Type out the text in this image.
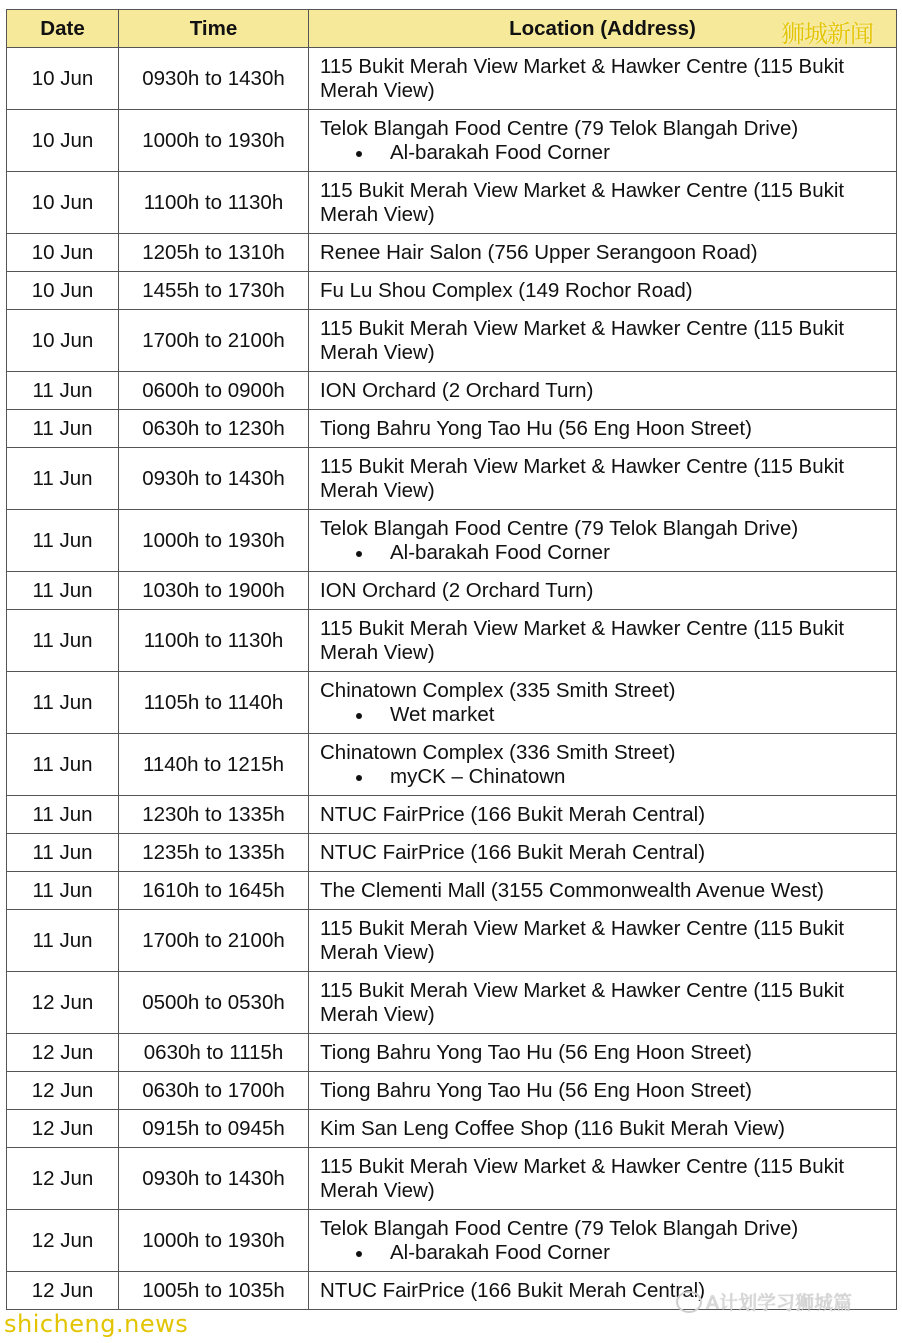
Date	Time	Location (Address)
10 Jun	0930h to 1430h	115 Bukit Merah View Market & Hawker Centre (115 Bukit Merah View)
10 Jun	1000h to 1930h	Telok Blangah Food Centre (79 Telok Blangah Drive)
Al-barakah Food Corner

10 Jun	1100h to 1130h	115 Bukit Merah View Market & Hawker Centre (115 Bukit Merah View)
10 Jun	1205h to 1310h	Renee Hair Salon (756 Upper Serangoon Road)
10 Jun	1455h to 1730h	Fu Lu Shou Complex (149 Rochor Road)
10 Jun	1700h to 2100h	115 Bukit Merah View Market & Hawker Centre (115 Bukit Merah View)
11 Jun	0600h to 0900h	ION Orchard (2 Orchard Turn)
11 Jun	0630h to 1230h	Tiong Bahru Yong Tao Hu (56 Eng Hoon Street)
11 Jun	0930h to 1430h	115 Bukit Merah View Market & Hawker Centre (115 Bukit Merah View)
11 Jun	1000h to 1930h	Telok Blangah Food Centre (79 Telok Blangah Drive)
Al-barakah Food Corner

11 Jun	1030h to 1900h	ION Orchard (2 Orchard Turn)
11 Jun	1100h to 1130h	115 Bukit Merah View Market & Hawker Centre (115 Bukit Merah View)
11 Jun	1105h to 1140h	Chinatown Complex (335 Smith Street)
Wet market

11 Jun	1140h to 1215h	Chinatown Complex (336 Smith Street)
myCK – Chinatown

11 Jun	1230h to 1335h	NTUC FairPrice (166 Bukit Merah Central)
11 Jun	1235h to 1335h	NTUC FairPrice (166 Bukit Merah Central)
11 Jun	1610h to 1645h	The Clementi Mall (3155 Commonwealth Avenue West)
11 Jun	1700h to 2100h	115 Bukit Merah View Market & Hawker Centre (115 Bukit Merah View)
12 Jun	0500h to 0530h	115 Bukit Merah View Market & Hawker Centre (115 Bukit Merah View)
12 Jun	0630h to 1115h	Tiong Bahru Yong Tao Hu (56 Eng Hoon Street)
12 Jun	0630h to 1700h	Tiong Bahru Yong Tao Hu (56 Eng Hoon Street)
12 Jun	0915h to 0945h	Kim San Leng Coffee Shop (116 Bukit Merah View)
12 Jun	0930h to 1430h	115 Bukit Merah View Market & Hawker Centre (115 Bukit Merah View)
12 Jun	1000h to 1930h	Telok Blangah Food Centre (79 Telok Blangah Drive)
Al-barakah Food Corner

12 Jun	1005h to 1035h	NTUC FairPrice (166 Bukit Merah Central)
狮城新闻
shicheng.news
A计划学习狮城篇
